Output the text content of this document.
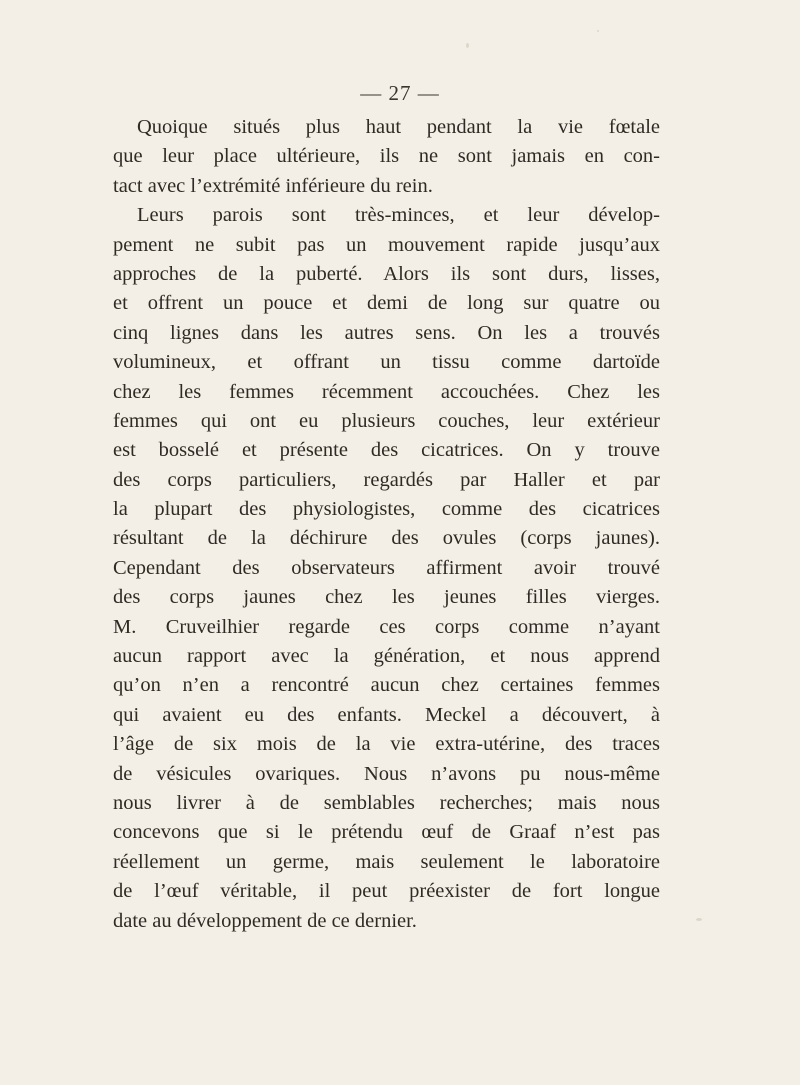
— 27 —
Quoique situés plus haut pendant la vie fœtale
que leur place ultérieure, ils ne sont jamais en con-
tact avec l’extrémité inférieure du rein.
Leurs parois sont très-minces, et leur dévelop-
pement ne subit pas un mouvement rapide jusqu’aux
approches de la puberté. Alors ils sont durs, lisses,
et offrent un pouce et demi de long sur quatre ou
cinq lignes dans les autres sens. On les a trouvés
volumineux, et offrant un tissu comme dartoïde
chez les femmes récemment accouchées. Chez les
femmes qui ont eu plusieurs couches, leur extérieur
est bosselé et présente des cicatrices. On y trouve
des corps particuliers, regardés par Haller et par
la plupart des physiologistes, comme des cicatrices
résultant de la déchirure des ovules (corps jaunes).
Cependant des observateurs affirment avoir trouvé
des corps jaunes chez les jeunes filles vierges.
M. Cruveilhier regarde ces corps comme n’ayant
aucun rapport avec la génération, et nous apprend
qu’on n’en a rencontré aucun chez certaines femmes
qui avaient eu des enfants. Meckel a découvert, à
l’âge de six mois de la vie extra-utérine, des traces
de vésicules ovariques. Nous n’avons pu nous-même
nous livrer à de semblables recherches; mais nous
concevons que si le prétendu œuf de Graaf n’est pas
réellement un germe, mais seulement le laboratoire
de l’œuf véritable, il peut préexister de fort longue
date au développement de ce dernier.
